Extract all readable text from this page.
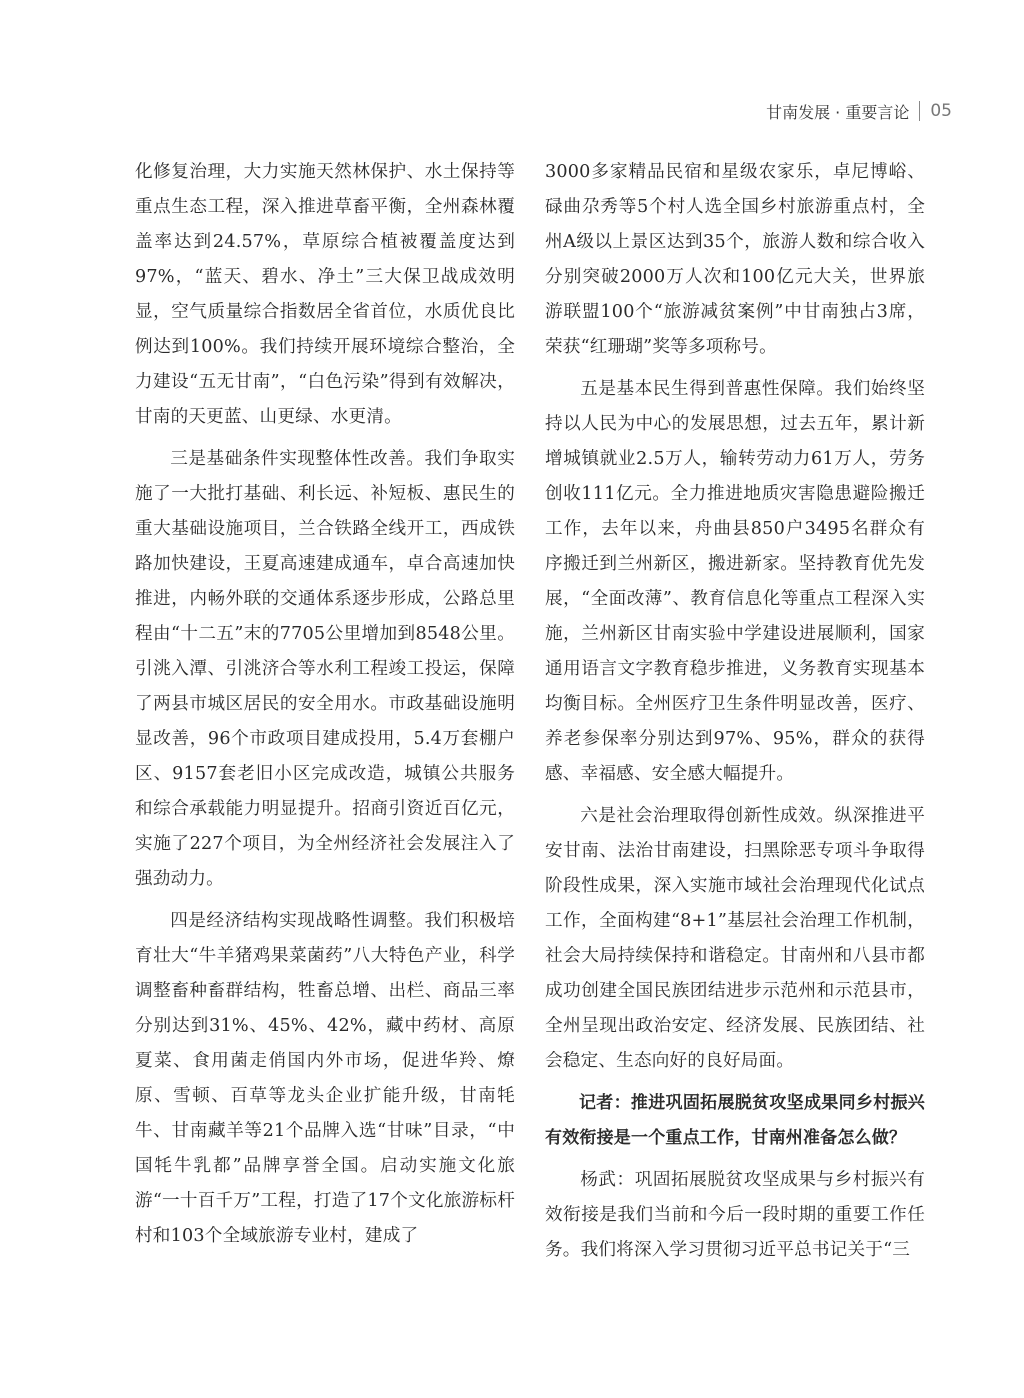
甘南发展 · 重要言论 05

化修复治理，大力实施天然林保护、水土保持等重点生态工程，深入推进草畜平衡，全州森林覆盖率达到24.57%，草原综合植被覆盖度达到97%，“蓝天、碧水、净土”三大保卫战成效明显，空气质量综合指数居全省首位，水质优良比例达到100%。我们持续开展环境综合整治，全力建设“五无甘南”，“白色污染”得到有效解决，甘南的天更蓝、山更绿、水更清。

三是基础条件实现整体性改善。我们争取实施了一大批打基础、利长远、补短板、惠民生的重大基础设施项目，兰合铁路全线开工，西成铁路加快建设，王夏高速建成通车，卓合高速加快推进，内畅外联的交通体系逐步形成，公路总里程由“十二五”末的7705公里增加到8548公里。引洮入潭、引洮济合等水利工程竣工投运，保障了两县市城区居民的安全用水。市政基础设施明显改善，96个市政项目建成投用，5.4万套棚户区、9157套老旧小区完成改造，城镇公共服务和综合承载能力明显提升。招商引资近百亿元，实施了227个项目，为全州经济社会发展注入了强劲动力。

四是经济结构实现战略性调整。我们积极培育壮大“牛羊猪鸡果菜菌药”八大特色产业，科学调整畜种畜群结构，牲畜总增、出栏、商品三率分别达到31%、45%、42%，藏中药材、高原夏菜、食用菌走俏国内外市场，促进华羚、燎原、雪顿、百草等龙头企业扩能升级，甘南牦牛、甘南藏羊等21个品牌入选“甘味”目录，“中国牦牛乳都”品牌享誉全国。启动实施文化旅游“一十百千万”工程，打造了17个文化旅游标杆村和103个全域旅游专业村，建成了

3000多家精品民宿和星级农家乐，卓尼博峪、碌曲尕秀等5个村人选全国乡村旅游重点村，全州A级以上景区达到35个，旅游人数和综合收入分别突破2000万人次和100亿元大关，世界旅游联盟100个“旅游减贫案例”中甘南独占3席，荣获“红珊瑚”奖等多项称号。

五是基本民生得到普惠性保障。我们始终坚持以人民为中心的发展思想，过去五年，累计新增城镇就业2.5万人，输转劳动力61万人，劳务创收111亿元。全力推进地质灾害隐患避险搬迁工作，去年以来，舟曲县850户3495名群众有序搬迁到兰州新区，搬进新家。坚持教育优先发展，“全面改薄”、教育信息化等重点工程深入实施，兰州新区甘南实验中学建设进展顺利，国家通用语言文字教育稳步推进，义务教育实现基本均衡目标。全州医疗卫生条件明显改善，医疗、养老参保率分别达到97%、95%，群众的获得感、幸福感、安全感大幅提升。

六是社会治理取得创新性成效。纵深推进平安甘南、法治甘南建设，扫黑除恶专项斗争取得阶段性成果，深入实施市域社会治理现代化试点工作，全面构建“8+1”基层社会治理工作机制，社会大局持续保持和谐稳定。甘南州和八县市都成功创建全国民族团结进步示范州和示范县市，全州呈现出政治安定、经济发展、民族团结、社会稳定、生态向好的良好局面。

记者：推进巩固拓展脱贫攻坚成果同乡村振兴有效衔接是一个重点工作，甘南州准备怎么做？

杨武：巩固拓展脱贫攻坚成果与乡村振兴有效衔接是我们当前和今后一段时期的重要工作任务。我们将深入学习贯彻习近平总书记关于“三
